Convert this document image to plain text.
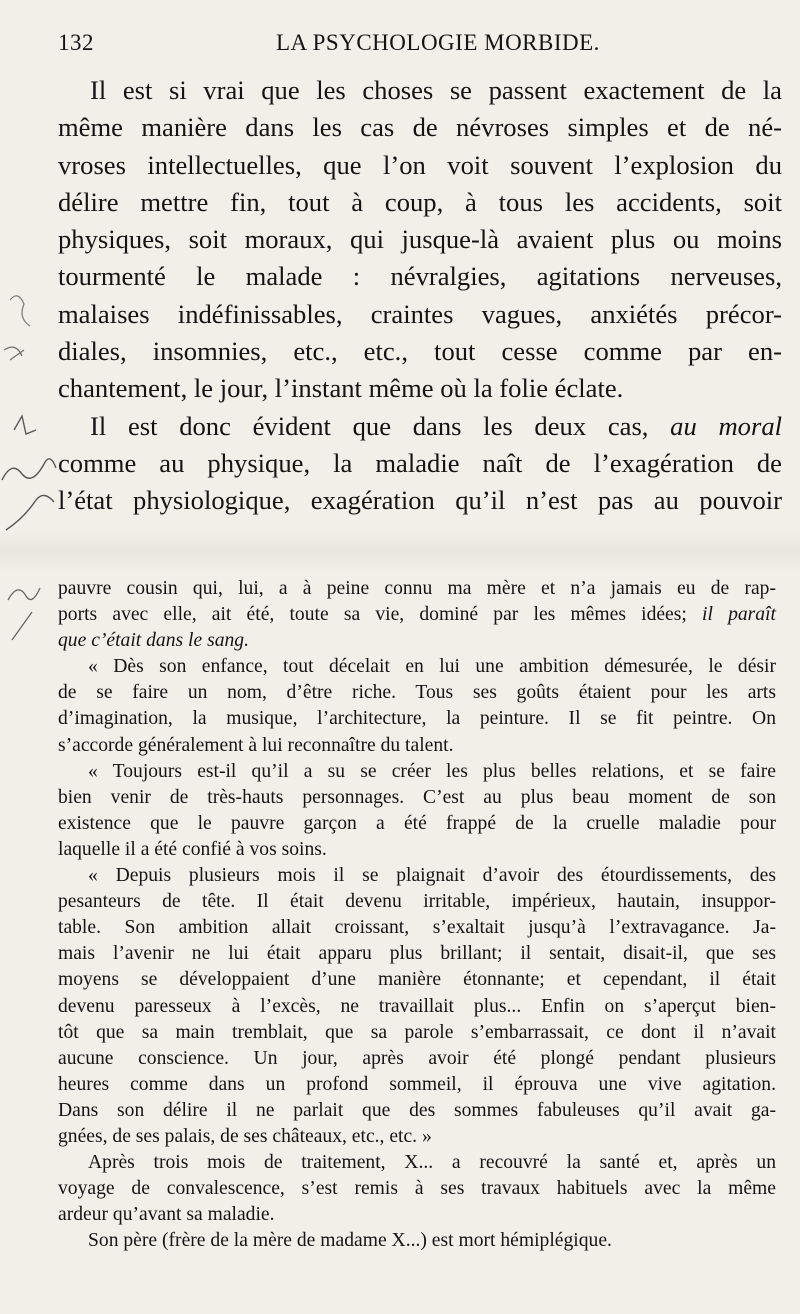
132	LA PSYCHOLOGIE MORBIDE.
Il est si vrai que les choses se passent exactement de la
même manière dans les cas de névroses simples et de né-
vroses intellectuelles, que l’on voit souvent l’explosion du
délire mettre fin, tout à coup, à tous les accidents, soit
physiques, soit moraux, qui jusque-là avaient plus ou moins
tourmenté le malade : névralgies, agitations nerveuses,
malaises indéfinissables, craintes vagues, anxiétés précor-
diales, insomnies, etc., etc., tout cesse comme par en-
chantement, le jour, l’instant même où la folie éclate.
Il est donc évident que dans les deux cas, au moral
comme au physique, la maladie naît de l’exagération de
l’état physiologique, exagération qu’il n’est pas au pouvoir
pauvre cousin qui, lui, a à peine connu ma mère et n’a jamais eu de rap-
ports avec elle, ait été, toute sa vie, dominé par les mêmes idées; il paraît
que c’était dans le sang.
« Dès son enfance, tout décelait en lui une ambition démesurée, le désir
de se faire un nom, d’être riche. Tous ses goûts étaient pour les arts
d’imagination, la musique, l’architecture, la peinture. Il se fit peintre. On
s’accorde généralement à lui reconnaître du talent.
« Toujours est-il qu’il a su se créer les plus belles relations, et se faire
bien venir de très-hauts personnages. C’est au plus beau moment de son
existence que le pauvre garçon a été frappé de la cruelle maladie pour
laquelle il a été confié à vos soins.
« Depuis plusieurs mois il se plaignait d’avoir des étourdissements, des
pesanteurs de tête. Il était devenu irritable, impérieux, hautain, insuppor-
table. Son ambition allait croissant, s’exaltait jusqu’à l’extravagance. Ja-
mais l’avenir ne lui était apparu plus brillant; il sentait, disait-il, que ses
moyens se développaient d’une manière étonnante; et cependant, il était
devenu paresseux à l’excès, ne travaillait plus... Enfin on s’aperçut bien-
tôt que sa main tremblait, que sa parole s’embarrassait, ce dont il n’avait
aucune conscience. Un jour, après avoir été plongé pendant plusieurs
heures comme dans un profond sommeil, il éprouva une vive agitation.
Dans son délire il ne parlait que des sommes fabuleuses qu’il avait ga-
gnées, de ses palais, de ses châteaux, etc., etc. »
Après trois mois de traitement, X... a recouvré la santé et, après un
voyage de convalescence, s’est remis à ses travaux habituels avec la même
ardeur qu’avant sa maladie.
Son père (frère de la mère de madame X...) est mort hémiplégique.
